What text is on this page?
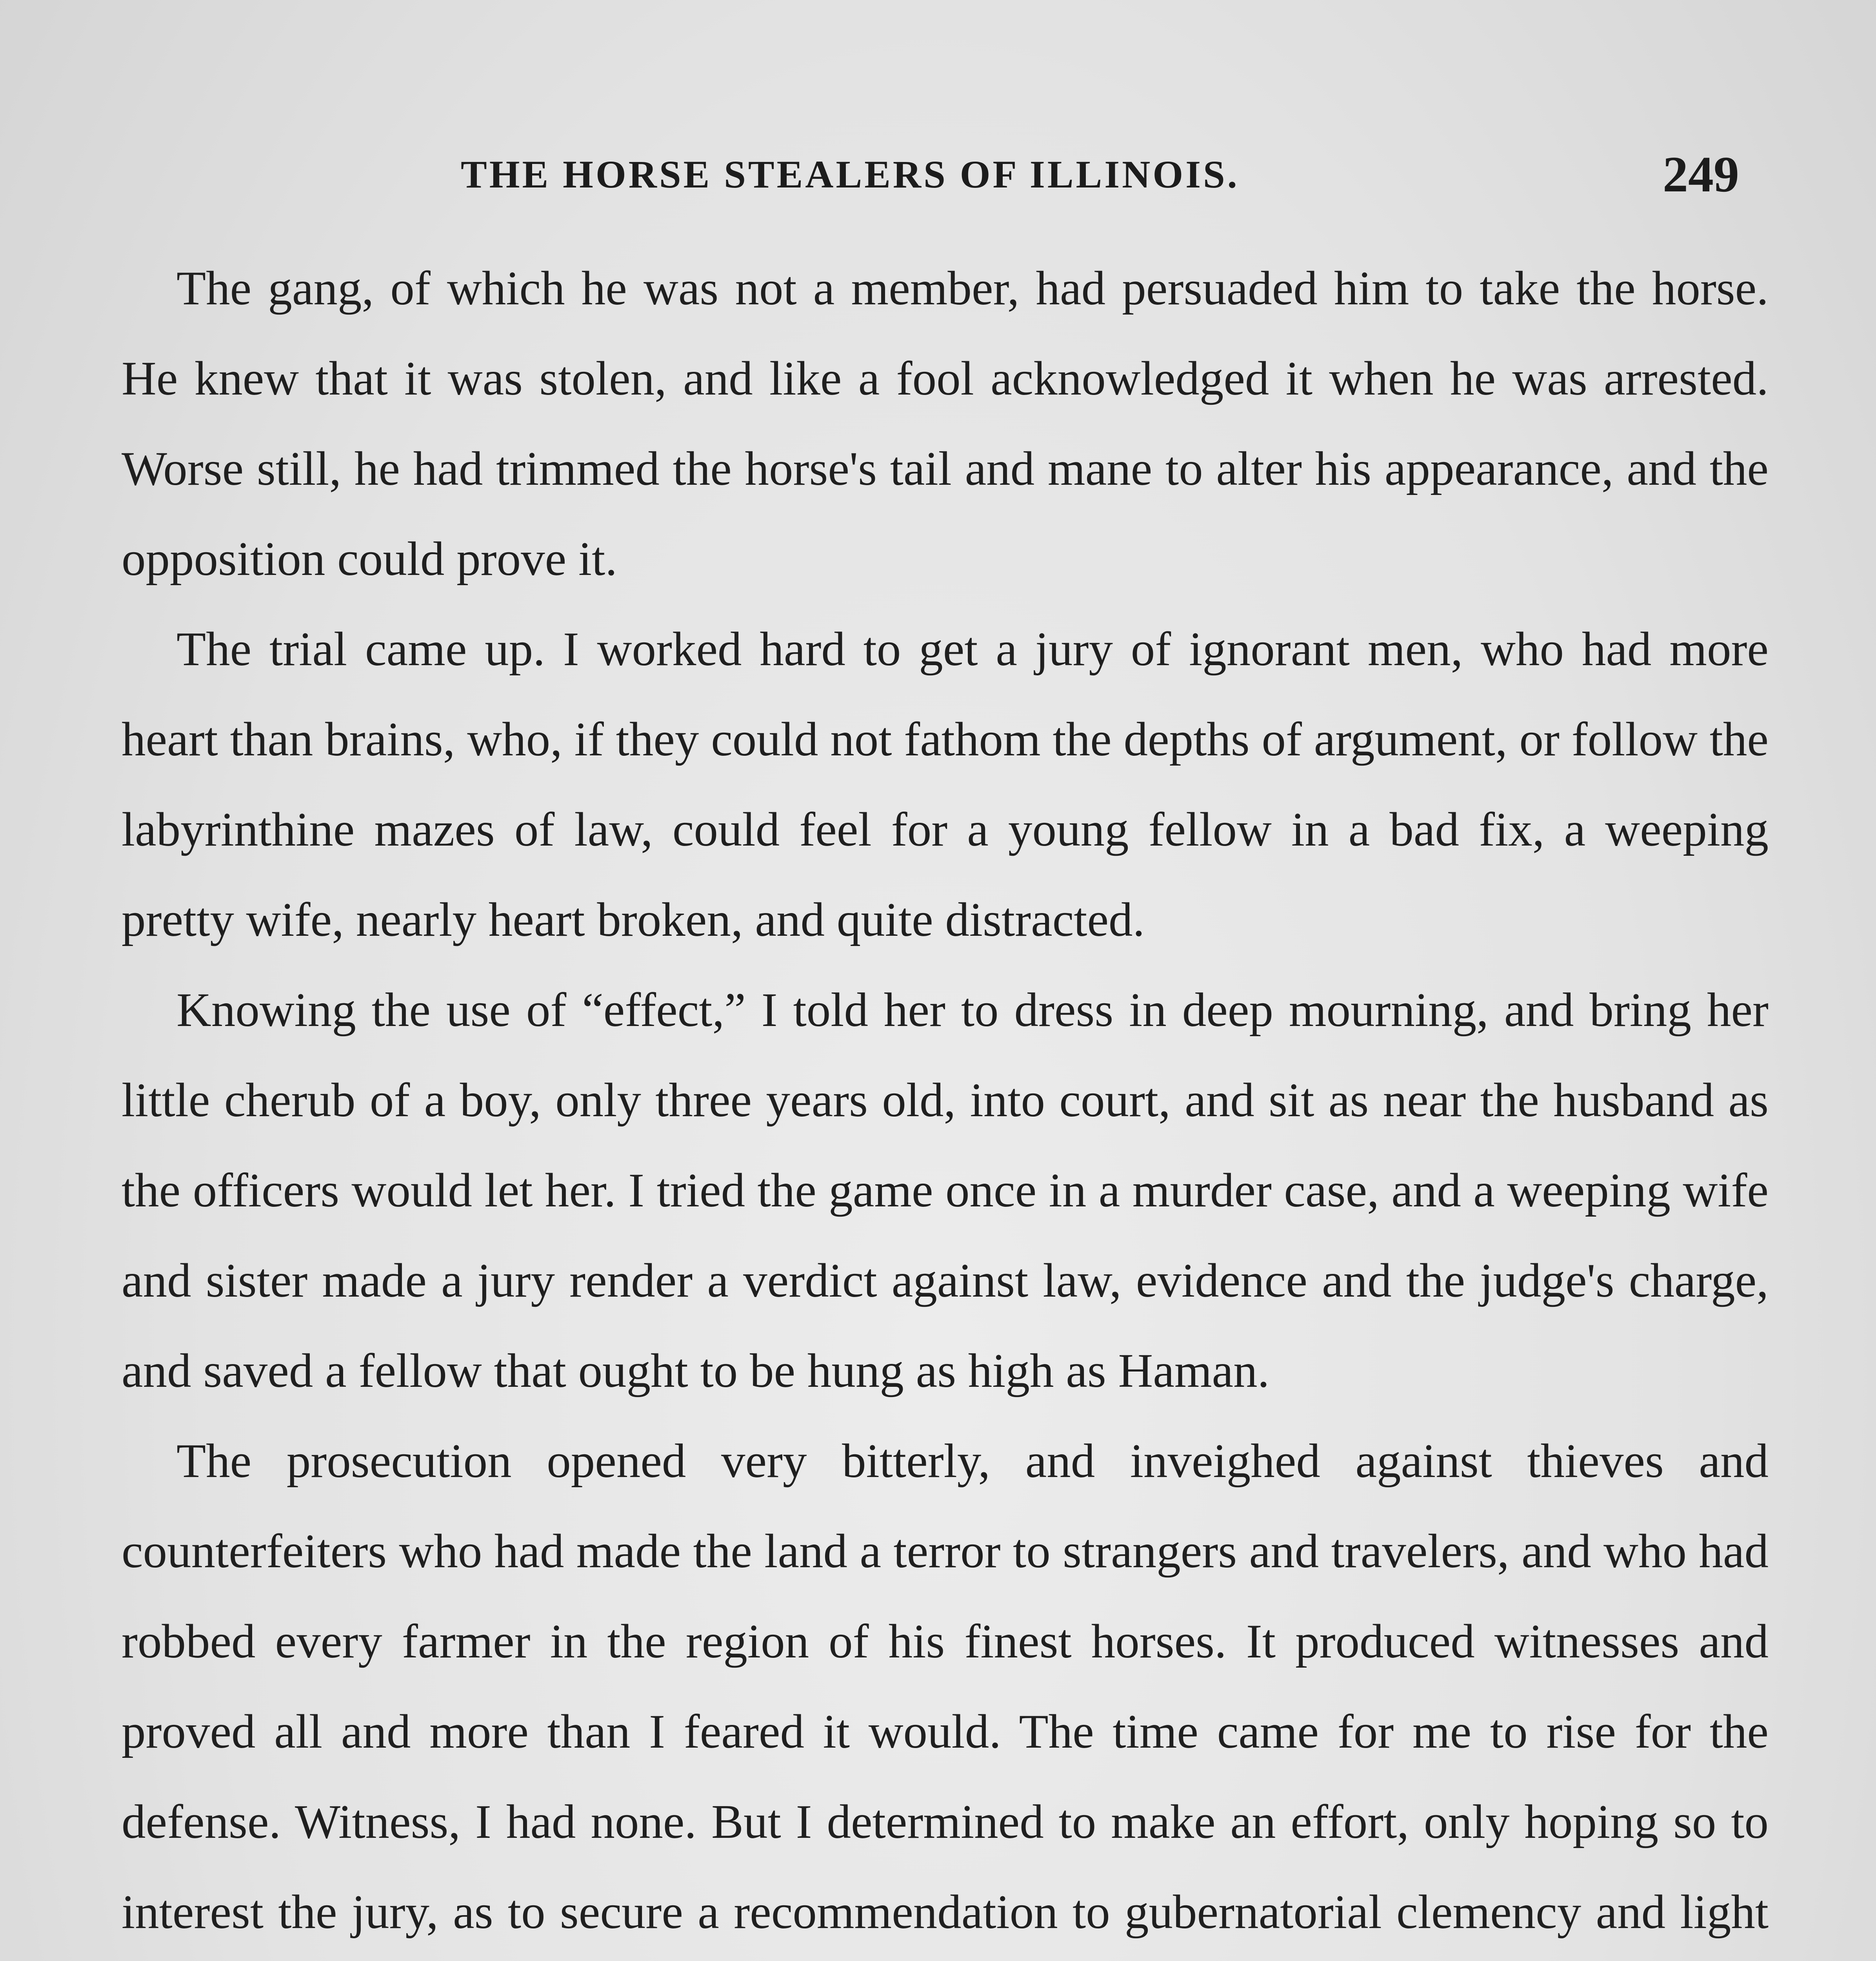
THE HORSE STEALERS OF ILLINOIS.	249

The gang, of which he was not a member, had persuaded him to take the horse. He knew that it was stolen, and like a fool acknowledged it when he was arrested. Worse still, he had trimmed the horse's tail and mane to alter his appearance, and the opposition could prove it.

The trial came up. I worked hard to get a jury of ignorant men, who had more heart than brains, who, if they could not fathom the depths of argument, or follow the labyrinthine mazes of law, could feel for a young fellow in a bad fix, a weeping pretty wife, nearly heart broken, and quite distracted.

Knowing the use of “effect,” I told her to dress in deep mourning, and bring her little cherub of a boy, only three years old, into court, and sit as near the husband as the officers would let her. I tried the game once in a murder case, and a weeping wife and sister made a jury render a verdict against law, evidence and the judge's charge, and saved a fellow that ought to be hung as high as Haman.

The prosecution opened very bitterly, and inveighed against thieves and counterfeiters who had made the land a terror to strangers and travelers, and who had robbed every farmer in the region of his finest horses. It produced witnesses and proved all and more than I feared it would. The time came for me to rise for the defense. Witness, I had none. But I determined to make an effort, only hoping so to interest the jury, as to secure a recommendation to gubernatorial clemency and light
